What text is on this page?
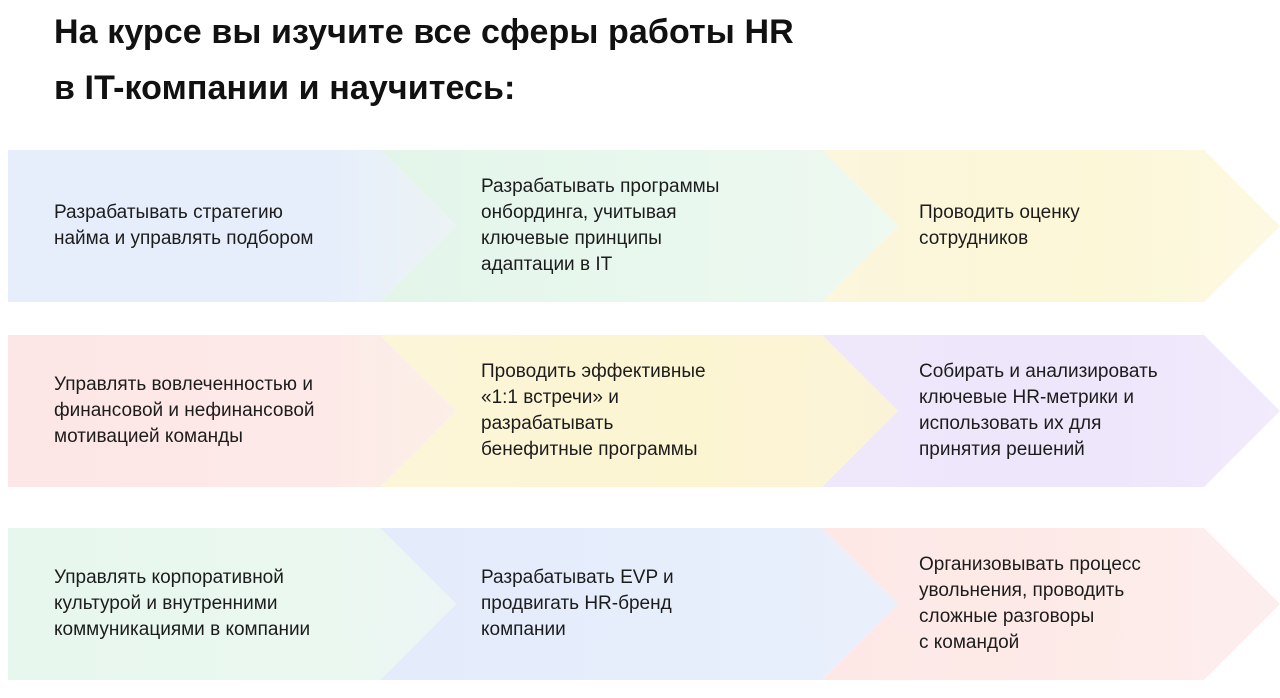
На курсе вы изучите все сферы работы HR
в IT-компании и научитесь:
Разрабатывать стратегию
найма и управлять подбором
Разрабатывать программы
онбординга, учитывая
ключевые принципы
адаптации в IT
Проводить оценку
сотрудников
Управлять вовлеченностью и
финансовой и нефинансовой
мотивацией команды
Проводить эффективные
«1:1 встречи» и
разрабатывать
бенефитные программы
Собирать и анализировать
ключевые HR-метрики и
использовать их для
принятия решений
Управлять корпоративной
культурой и внутренними
коммуникациями в компании
Разрабатывать EVP и
продвигать HR-бренд
компании
Организовывать процесс
увольнения, проводить
сложные разговоры
с командой
